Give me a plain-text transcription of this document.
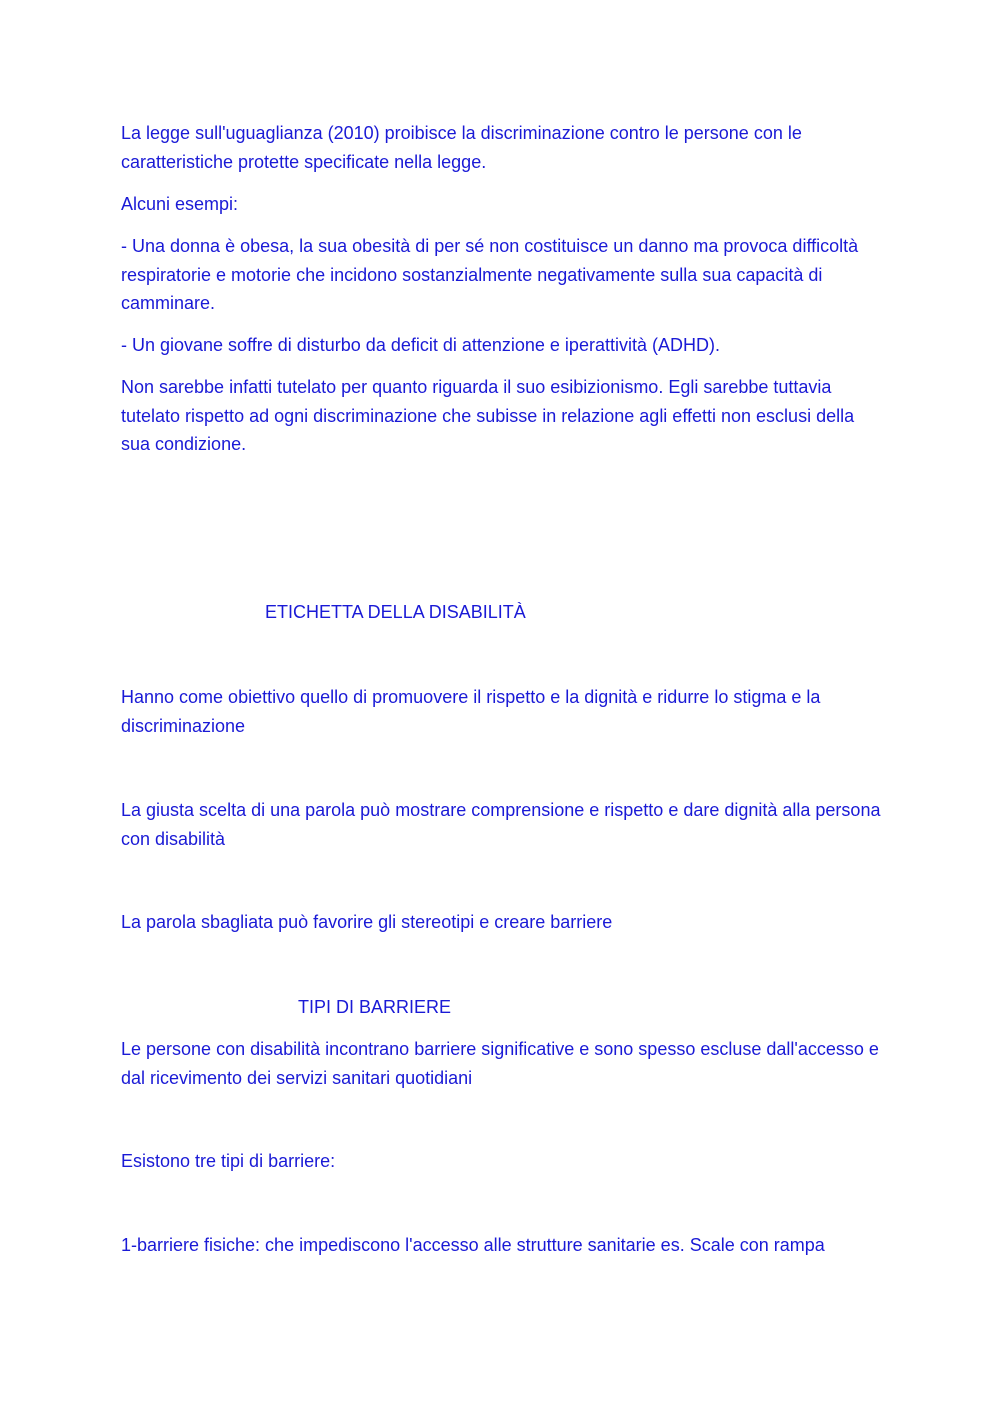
La legge sull'uguaglianza (2010) proibisce la discriminazione contro le persone con le caratteristiche protette specificate nella legge.

Alcuni esempi:

- Una donna è obesa, la sua obesità di per sé non costituisce un danno ma provoca difficoltà respiratorie e motorie che incidono sostanzialmente negativamente sulla sua capacità di camminare.

- Un giovane soffre di disturbo da deficit di attenzione e iperattività (ADHD).

Non sarebbe infatti tutelato per quanto riguarda il suo esibizionismo. Egli sarebbe tuttavia tutelato rispetto ad ogni discriminazione che subisse in relazione agli effetti non esclusi della sua condizione.

ETICHETTA DELLA DISABILITÀ

Hanno come obiettivo quello di promuovere il rispetto e la dignità e ridurre lo stigma e la discriminazione

La giusta scelta di una parola può mostrare comprensione e rispetto e dare dignità alla persona con disabilità

La parola sbagliata può favorire gli stereotipi e creare barriere

TIPI DI BARRIERE

Le persone con disabilità incontrano barriere significative e sono spesso escluse dall'accesso e dal ricevimento dei servizi sanitari quotidiani

Esistono tre tipi di barriere:

1-barriere fisiche: che impediscono l'accesso alle strutture sanitarie es. Scale con rampa
